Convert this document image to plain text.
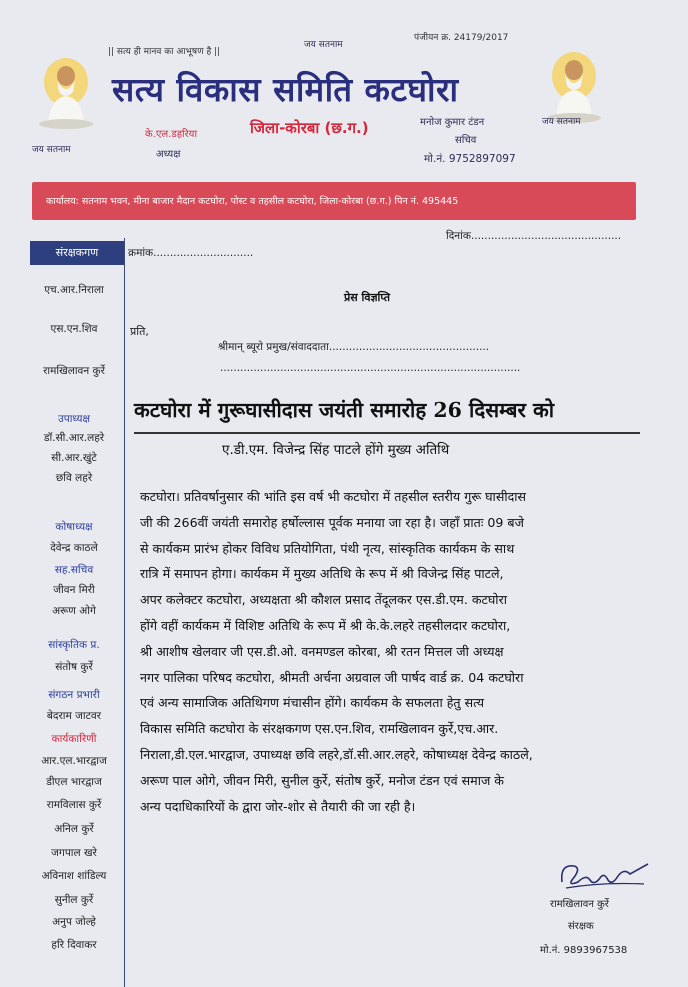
|| सत्य ही मानव का आभूषण है ||
जय सतनाम
पंजीयन क्र. 24179/2017
सत्य विकास समिति कटघोरा
जय सतनाम
जय सतनाम
के.एल.डहरिया
अध्यक्ष
जिला-कोरबा (छ.ग.)	मनोज कुमार टंडन
सचिव
मो.नं. 9752897097
कार्यालय: सतनाम भवन, मीना बाजार मैदान कटघोरा, पोस्ट व तहसील कटघोरा, जिला-कोरबा (छ.ग.) पिन नं. 495445
संरक्षकगण
एच.आर.निराला
एस.एन.शिव
रामखिलावन कुर्रे
उपाध्यक्ष
डॉ.सी.आर.लहरे
सी.आर.खुंटे
छवि लहरे
कोषाध्यक्ष
देवेन्द्र काठले
सह.सचिव
जीवन मिरी
अरूण ओगे
सांस्कृतिक प्र.
संतोष कुर्रे
संगठन प्रभारी
बेदराम जाटवर
कार्यकारिणी
आर.एल.भारद्वाज
डीएल भारद्वाज
रामविलास कुर्रे
अनिल कुर्रे
जगपाल खरे
अविनाश शांडिल्य
सुनील कुर्रे
अनुप जोल्हे
हरि दिवाकर
क्रमांक..............................
दिनांक.............................................
प्रेस विज्ञप्ति
प्रति,
श्रीमान् ब्यूरो प्रमुख/संवाददाता................................................
..........................................................................................
कटघोरा में गुरूघासीदास जयंती समारोह 26 दिसम्बर को
ए.डी.एम. विजेन्द्र सिंह पाटले होंगे मुख्य अतिथि

कटघोरा। प्रतिवर्षानुसार की भांति इस वर्ष भी कटघोरा में तहसील स्तरीय गुरू घासीदास

जी की 266वीं जयंती समारोह हर्षोल्लास पूर्वक मनाया जा रहा है। जहाँ प्रातः 09 बजे

से कार्यकम प्रारंभ होकर विविध प्रतियोगिता, पंथी नृत्य, सांस्कृतिक कार्यकम के साथ

रात्रि में समापन होगा। कार्यकम में मुख्य अतिथि के रूप में श्री विजेन्द्र सिंह पाटले,

अपर कलेक्टर कटघोरा, अध्यक्षता श्री कौशल प्रसाद तेंदूलकर एस.डी.एम. कटघोरा

होंगे वहीं कार्यकम में विशिष्ट अतिथि के रूप में श्री के.के.लहरे तहसीलदार कटघोरा,

श्री आशीष खेलवार जी एस.डी.ओ. वनमण्डल कोरबा, श्री रतन मित्तल जी अध्यक्ष

नगर पालिका परिषद कटघोरा, श्रीमती अर्चना अग्रवाल जी पार्षद वार्ड क्र. 04 कटघोरा

एवं अन्य सामाजिक अतिथिगण मंचासीन होंगे। कार्यकम के सफलता हेतु सत्य

विकास समिति कटघोरा के संरक्षकगण एस.एन.शिव, रामखिलावन कुर्रे,एच.आर.

निराला,डी.एल.भारद्वाज, उपाध्यक्ष छवि लहरे,डॉ.सी.आर.लहरे, कोषाध्यक्ष देवेन्द्र काठले,

अरूण पाल ओगे, जीवन मिरी, सुनील कुर्रे, संतोष कुर्रे, मनोज टंडन एवं समाज के

अन्य पदाधिकारियों के द्वारा जोर-शोर से तैयारी की जा रही है।

रामखिलावन कुर्रे
संरक्षक
मो.नं. 9893967538
